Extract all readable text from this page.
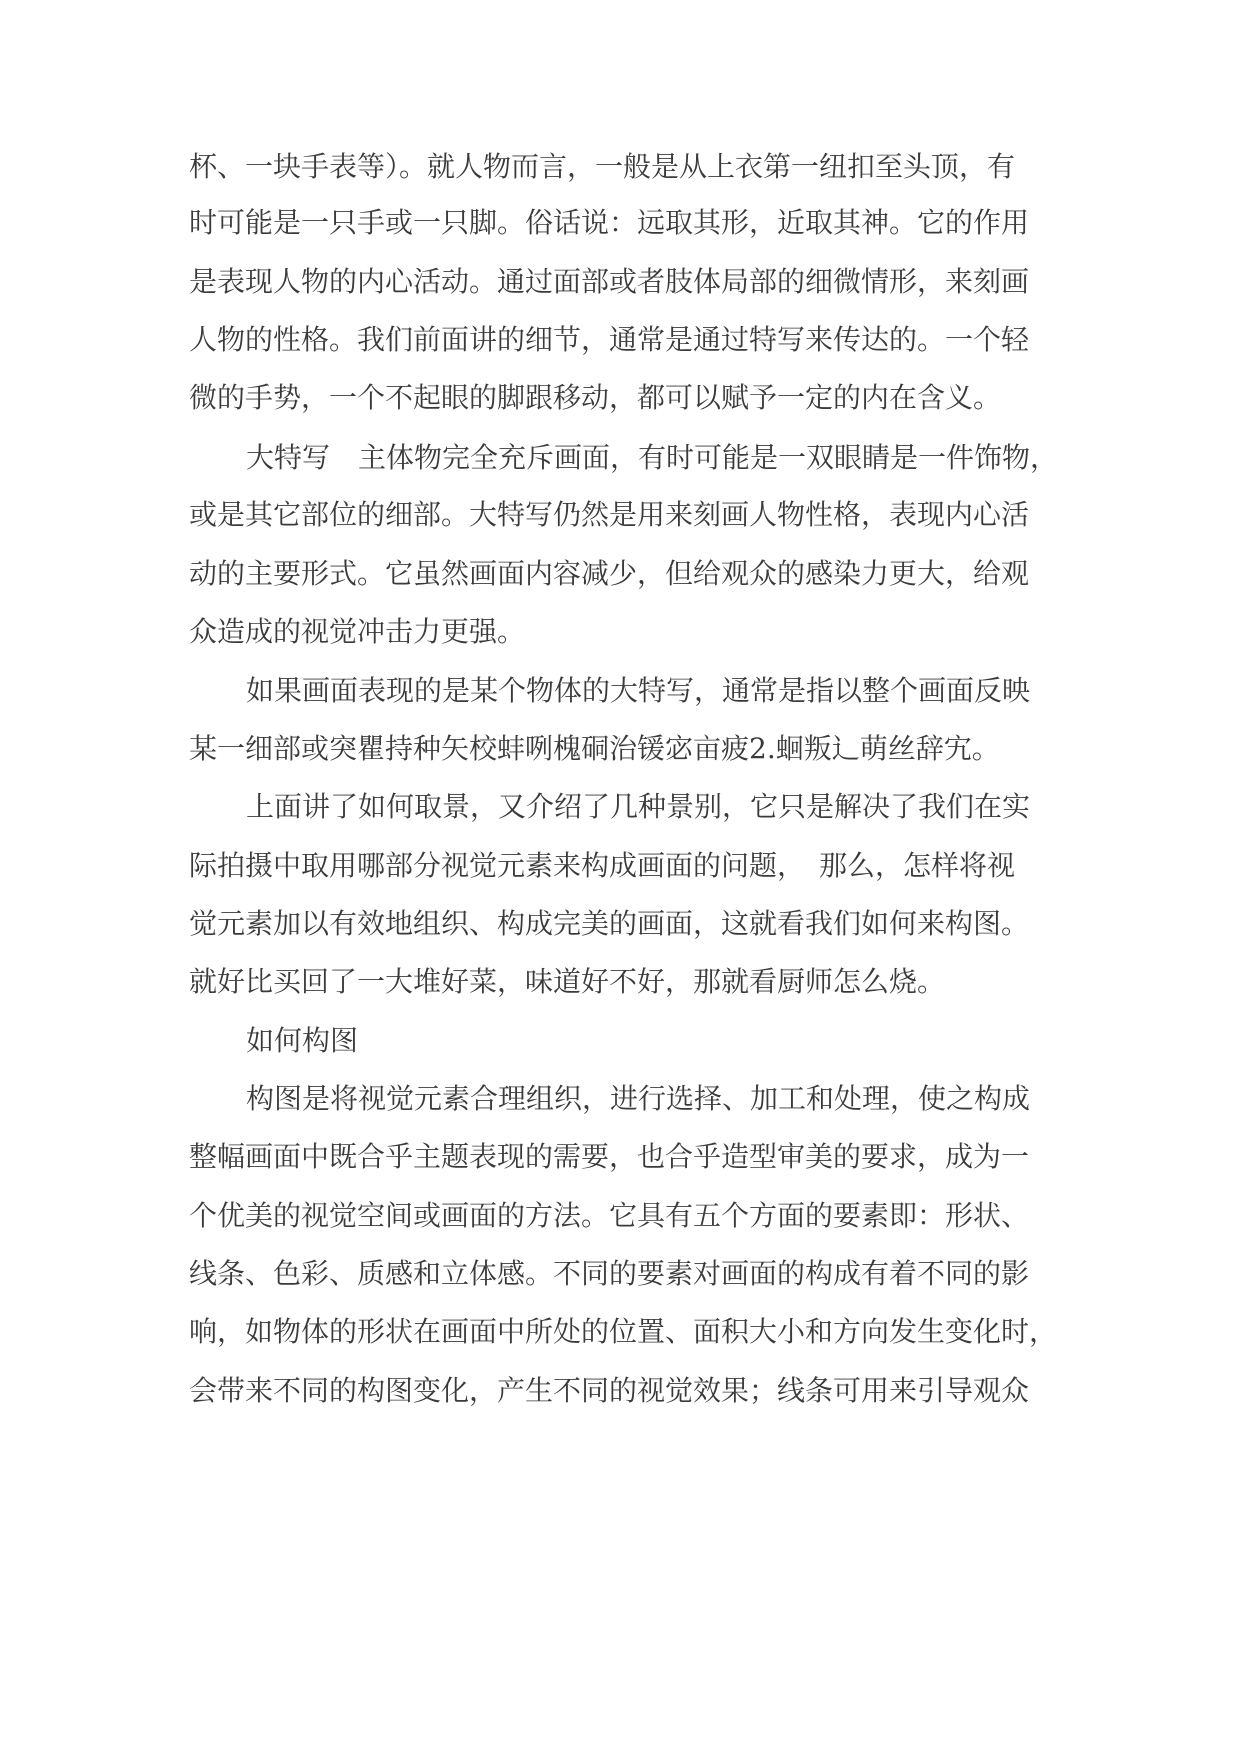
杯、一块手表等）。就人物而言，一般是从上衣第一纽扣至头顶，有
时可能是一只手或一只脚。俗话说：远取其形，近取其神。它的作用
是表现人物的内心活动。通过面部或者肢体局部的细微情形，来刻画
人物的性格。我们前面讲的细节，通常是通过特写来传达的。一个轻
微的手势，一个不起眼的脚跟移动，都可以赋予一定的内在含义。
大特写　主体物完全充斥画面，有时可能是一双眼睛是一件饰物，
或是其它部位的细部。大特写仍然是用来刻画人物性格，表现内心活
动的主要形式。它虽然画面内容减少，但给观众的感染力更大，给观
众造成的视觉冲击力更强。
如果画面表现的是某个物体的大特写，通常是指以整个画面反映
某一细部或突瞿持种矢校蚌咧槐硐治锾宓亩疲2.蛔叛辶萌丝辞宄。
上面讲了如何取景，又介绍了几种景别，它只是解决了我们在实
际拍摄中取用哪部分视觉元素来构成画面的问题，　那么，怎样将视
觉元素加以有效地组织、构成完美的画面，这就看我们如何来构图。
就好比买回了一大堆好菜，味道好不好，那就看厨师怎么烧。
如何构图
构图是将视觉元素合理组织，进行选择、加工和处理，使之构成
整幅画面中既合乎主题表现的需要，也合乎造型审美的要求，成为一
个优美的视觉空间或画面的方法。它具有五个方面的要素即：形状、
线条、色彩、质感和立体感。不同的要素对画面的构成有着不同的影
响，如物体的形状在画面中所处的位置、面积大小和方向发生变化时，
会带来不同的构图变化，产生不同的视觉效果；线条可用来引导观众
